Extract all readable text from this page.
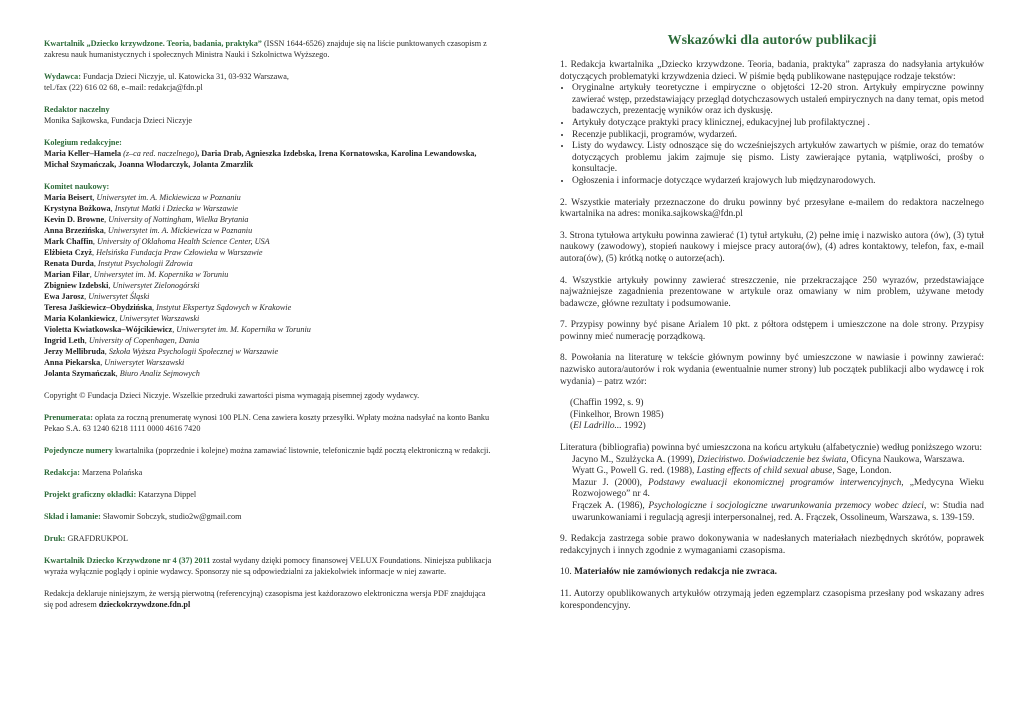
Kwartalnik „Dziecko krzywdzone. Teoria, badania, praktyka” (ISSN 1644-6526) znajduje się na liście punktowanych czasopism z zakresu nauk humanistycznych i społecznych Ministra Nauki i Szkolnictwa Wyższego.

Wydawca: Fundacja Dzieci Niczyje, ul. Katowicka 31, 03-932 Warszawa,

tel./fax (22) 616 02 68, e–mail: redakcja@fdn.pl

Redaktor naczelny

Monika Sajkowska, Fundacja Dzieci Niczyje

Kolegium redakcyjne:

Maria Keller–Hamela (z–ca red. naczelnego), Daria Drab, Agnieszka Izdebska, Irena Kornatowska, Karolina Lewandowska, Michał Szymańczak, Joanna Włodarczyk, Jolanta Zmarzlik

Komitet naukowy:

Maria Beisert, Uniwersytet im. A. Mickiewicza w Poznaniu

Krystyna Bożkowa, Instytut Matki i Dziecka w Warszawie

Kevin D. Browne, University of Nottingham, Wielka Brytania

Anna Brzezińska, Uniwersytet im. A. Mickiewicza w Poznaniu

Mark Chaffin, University of Oklahoma Health Science Center, USA

Elżbieta Czyż, Helsińska Fundacja Praw Człowieka w Warszawie

Renata Durda, Instytut Psychologii Zdrowia

Marian Filar, Uniwersytet im. M. Kopernika w Toruniu

Zbigniew Izdebski, Uniwersytet Zielonogórski

Ewa Jarosz, Uniwersytet Śląski

Teresa Jaśkiewicz–Obydzińska, Instytut Ekspertyz Sądowych w Krakowie

Maria Kolankiewicz, Uniwersytet Warszawski

Violetta Kwiatkowska–Wójcikiewicz, Uniwersytet im. M. Kopernika w Toruniu

Ingrid Leth, University of Copenhagen, Dania

Jerzy Mellibruda, Szkoła Wyższa Psychologii Społecznej w Warszawie

Anna Piekarska, Uniwersytet Warszawski

Jolanta Szymańczak, Biuro Analiz Sejmowych

Copyright © Fundacja Dzieci Niczyje. Wszelkie przedruki zawartości pisma wymagają pisemnej zgody wydawcy.

Prenumerata: opłata za roczną prenumeratę wynosi 100 PLN. Cena zawiera koszty przesyłki. Wpłaty można nadsyłać na konto Banku Pekao S.A. 63 1240 6218 1111 0000 4616 7420

Pojedyncze numery kwartalnika (poprzednie i kolejne) można zamawiać listownie, telefonicznie bądź pocztą elektroniczną w redakcji.

Redakcja: Marzena Polańska

Projekt graficzny okładki: Katarzyna Dippel

Skład i łamanie: Sławomir Sobczyk, studio2w@gmail.com

Druk: GRAFDRUKPOL

Kwartalnik Dziecko Krzywdzone nr 4 (37) 2011 został wydany dzięki pomocy finansowej VELUX Foundations. Niniejsza publikacja wyraża wyłącznie poglądy i opinie wydawcy. Sponsorzy nie są odpowiedzialni za jakiekolwiek informacje w niej zawarte.

Redakcja deklaruje niniejszym, że wersją pierwotną (referencyjną) czasopisma jest każdorazowo elektroniczna wersja PDF znajdująca się pod adresem dzieckokrzywdzone.fdn.pl

Wskazówki dla autorów publikacji

1. Redakcja kwartalnika „Dziecko krzywdzone. Teoria, badania, praktyka” zaprasza do nadsyłania artykułów dotyczących problematyki krzywdzenia dzieci. W piśmie będą publikowane następujące rodzaje tekstów:

• Oryginalne artykuły teoretyczne i empiryczne o objętości 12-20 stron. Artykuły empiryczne powinny zawierać wstęp, przedstawiający przegląd dotychczasowych ustaleń empirycznych na dany temat, opis metod badawczych, prezentację wyników oraz ich dyskusję.
• Artykuły dotyczące praktyki pracy klinicznej, edukacyjnej lub profilaktycznej .
• Recenzje publikacji, programów, wydarzeń.
• Listy do wydawcy. Listy odnoszące się do wcześniejszych artykułów zawartych w piśmie, oraz do tematów dotyczących problemu jakim zajmuje się pismo. Listy zawierające pytania, wątpliwości, prośby o konsultacje.
• Ogłoszenia i informacje dotyczące wydarzeń krajowych lub międzynarodowych.

2. Wszystkie materiały przeznaczone do druku powinny być przesyłane e-mailem do redaktora naczelnego kwartalnika na adres: monika.sajkowska@fdn.pl

3. Strona tytułowa artykułu powinna zawierać (1) tytuł artykułu, (2) pełne imię i nazwisko autora (ów), (3) tytuł naukowy (zawodowy), stopień naukowy i miejsce pracy autora(ów), (4) adres kontaktowy, telefon, fax, e-mail autora(ów), (5) krótką notkę o autorze(ach).

4. Wszystkie artykuły powinny zawierać streszczenie, nie przekraczające 250 wyrazów, przedstawiające najważniejsze zagadnienia prezentowane w artykule oraz omawiany w nim problem, używane metody badawcze, główne rezultaty i podsumowanie.

7. Przypisy powinny być pisane Arialem 10 pkt. z półtora odstępem i umieszczone na dole strony. Przypisy powinny mieć numerację porządkową.

8. Powołania na literaturę w tekście głównym powinny być umieszczone w nawiasie i powinny zawierać: nazwisko autora/autorów i rok wydania (ewentualnie numer strony) lub początek publikacji albo wydawcę i rok wydania) – patrz wzór:

(Chaffin 1992, s. 9)

(Finkelhor, Brown 1985)

(El Ladrillo... 1992)

Literatura (bibliografia) powinna być umieszczona na końcu artykułu (alfabetycznie) według poniższego wzoru:

Jacyno M., Szulżycka A. (1999), Dzieciństwo. Doświadczenie bez świata, Oficyna Naukowa, Warszawa.

Wyatt G., Powell G. red. (1988), Lasting effects of child sexual abuse, Sage, London.

Mazur J. (2000), Podstawy ewaluacji ekonomicznej programów interwencyjnych, „Medycyna Wieku Rozwojowego” nr 4.

Frączek A. (1986), Psychologiczne i socjologiczne uwarunkowania przemocy wobec dzieci, w: Studia nad uwarunkowaniami i regulacją agresji interpersonalnej, red. A. Frączek, Ossolineum, Warszawa, s. 139-159.

9. Redakcja zastrzega sobie prawo dokonywania w nadesłanych materiałach niezbędnych skrótów, poprawek redakcyjnych i innych zgodnie z wymaganiami czasopisma.

10. Materiałów nie zamówionych redakcja nie zwraca.

11. Autorzy opublikowanych artykułów otrzymają jeden egzemplarz czasopisma przesłany pod wskazany adres korespondencyjny.
